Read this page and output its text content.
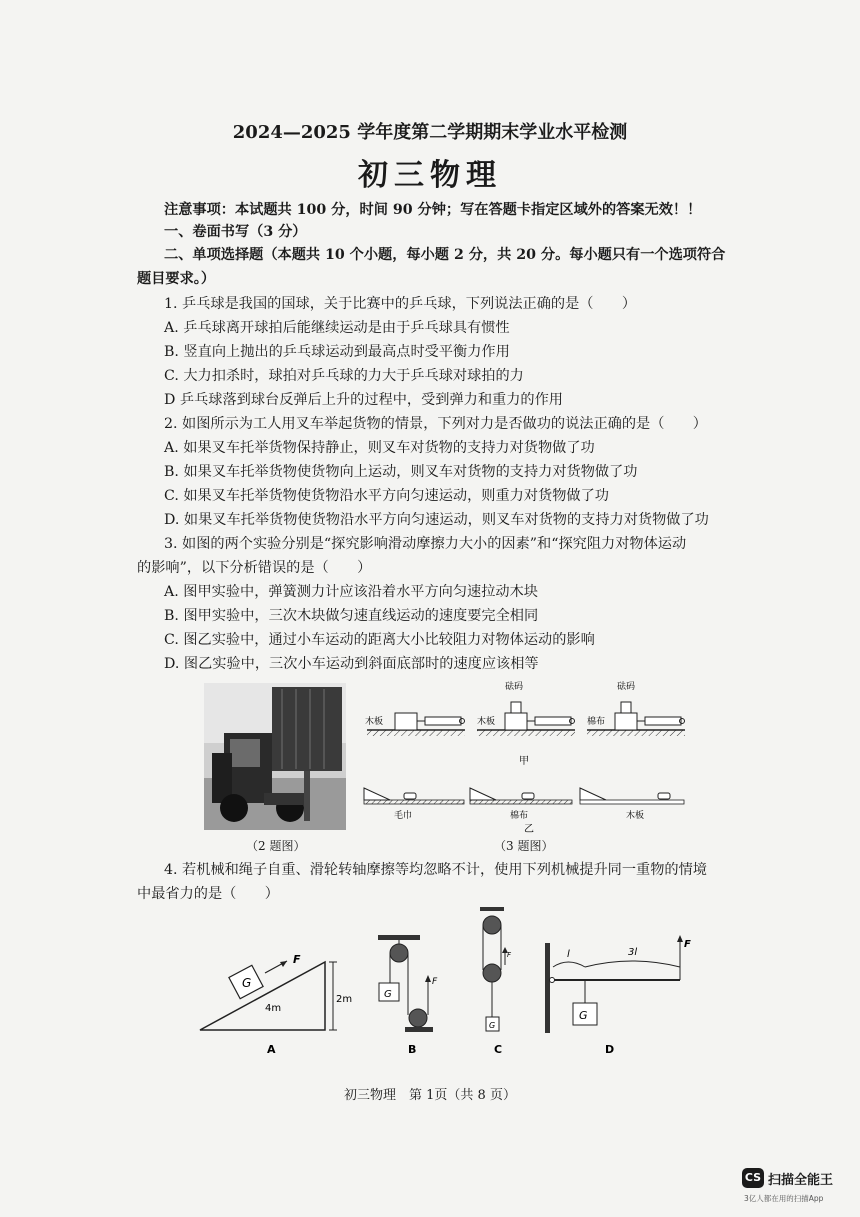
2024—2025 学年度第二学期期末学业水平检测
初三物理
注意事项：本试题共 100 分，时间 90 分钟；写在答题卡指定区域外的答案无效！！
一、卷面书写（3 分）
二、单项选择题（本题共 10 个小题，每小题 2 分，共 20 分。每小题只有一个选项符合
题目要求。）
1. 乒乓球是我国的国球，关于比赛中的乒乓球，下列说法正确的是（　　）
A. 乒乓球离开球拍后能继续运动是由于乒乓球具有惯性
B. 竖直向上抛出的乒乓球运动到最高点时受平衡力作用
C. 大力扣杀时，球拍对乒乓球的力大于乒乓球对球拍的力
D 乒乓球落到球台反弹后上升的过程中，受到弹力和重力的作用
2. 如图所示为工人用叉车举起货物的情景，下列对力是否做功的说法正确的是（　　）
A. 如果叉车托举货物保持静止，则叉车对货物的支持力对货物做了功
B. 如果叉车托举货物使货物向上运动，则叉车对货物的支持力对货物做了功
C. 如果叉车托举货物使货物沿水平方向匀速运动，则重力对货物做了功
D. 如果叉车托举货物使货物沿水平方向匀速运动，则叉车对货物的支持力对货物做了功
3. 如图的两个实验分别是“探究影响滑动摩擦力大小的因素”和“探究阻力对物体运动
的影响”，以下分析错误的是（　　）
A. 图甲实验中，弹簧测力计应该沿着水平方向匀速拉动木块
B. 图甲实验中，三次木块做匀速直线运动的速度要完全相同
C. 图乙实验中，通过小车运动的距离大小比较阻力对物体运动的影响
D. 图乙实验中，三次小车运动到斜面底部时的速度应该相等
木板	木板
砝码
棉布
砝码
甲
毛巾	棉布	木板
乙
（2 题图）	（3 题图）
4. 若机械和绳子自重、滑轮转轴摩擦等均忽略不计，使用下列机械提升同一重物的情境
中最省力的是（　　）
G
F
4m
2m
A
G
F
B
G
F
C
G
l	3l
F
D
初三物理　第 1页（共 8 页）
CS 扫描全能王
3亿人都在用的扫描App
